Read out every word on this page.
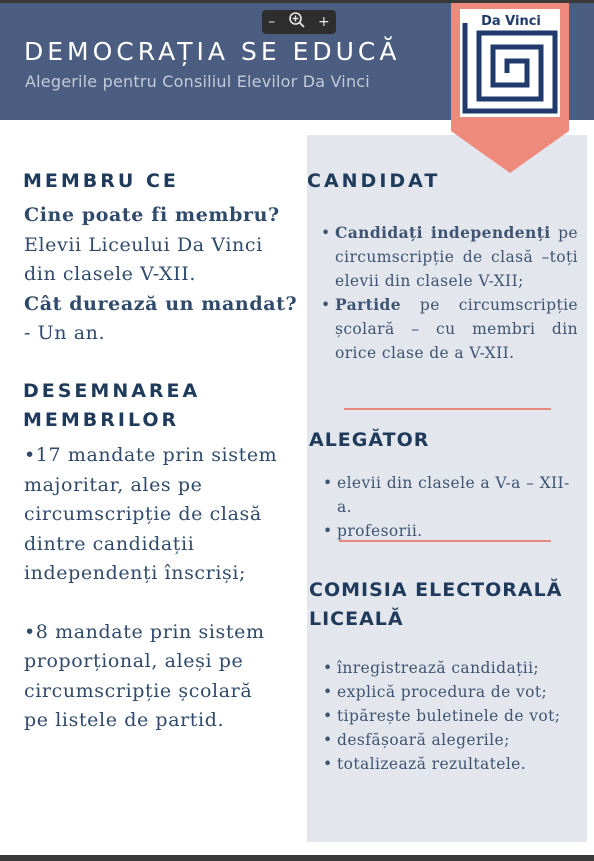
DEMOCRAȚIA SE EDUCĂ
Alegerile pentru Consiliul Elevilor Da Vinci
–	+	Da Vinci
MEMBRU CE
Cine poate fi membru?
Elevii Liceului Da Vinci
din clasele V-XII.
Cât durează un mandat?
- Un an.
DESEMNAREA
MEMBRILOR
•17 mandate prin sistem
majoritar, ales pe
circumscripție de clasă
dintre candidații
independenți înscriși;
•8 mandate prin sistem
proporțional, aleși pe
circumscripție școlară
pe listele de partid.
CANDIDAT
• Candidați independenți pe circumscripție de clasă –toți elevii din clasele V-XII;
• Partide pe circumscripție școlară – cu membri din orice clase de a V-XII.
ALEGĂTOR
• elevii din clasele a V-a – XII-a.
• profesorii.
COMISIA ELECTORALĂ
LICEALĂ
• înregistrează candidații;
• explică procedura de vot;
• tipărește buletinele de vot;
• desfășoară alegerile;
• totalizează rezultatele.
